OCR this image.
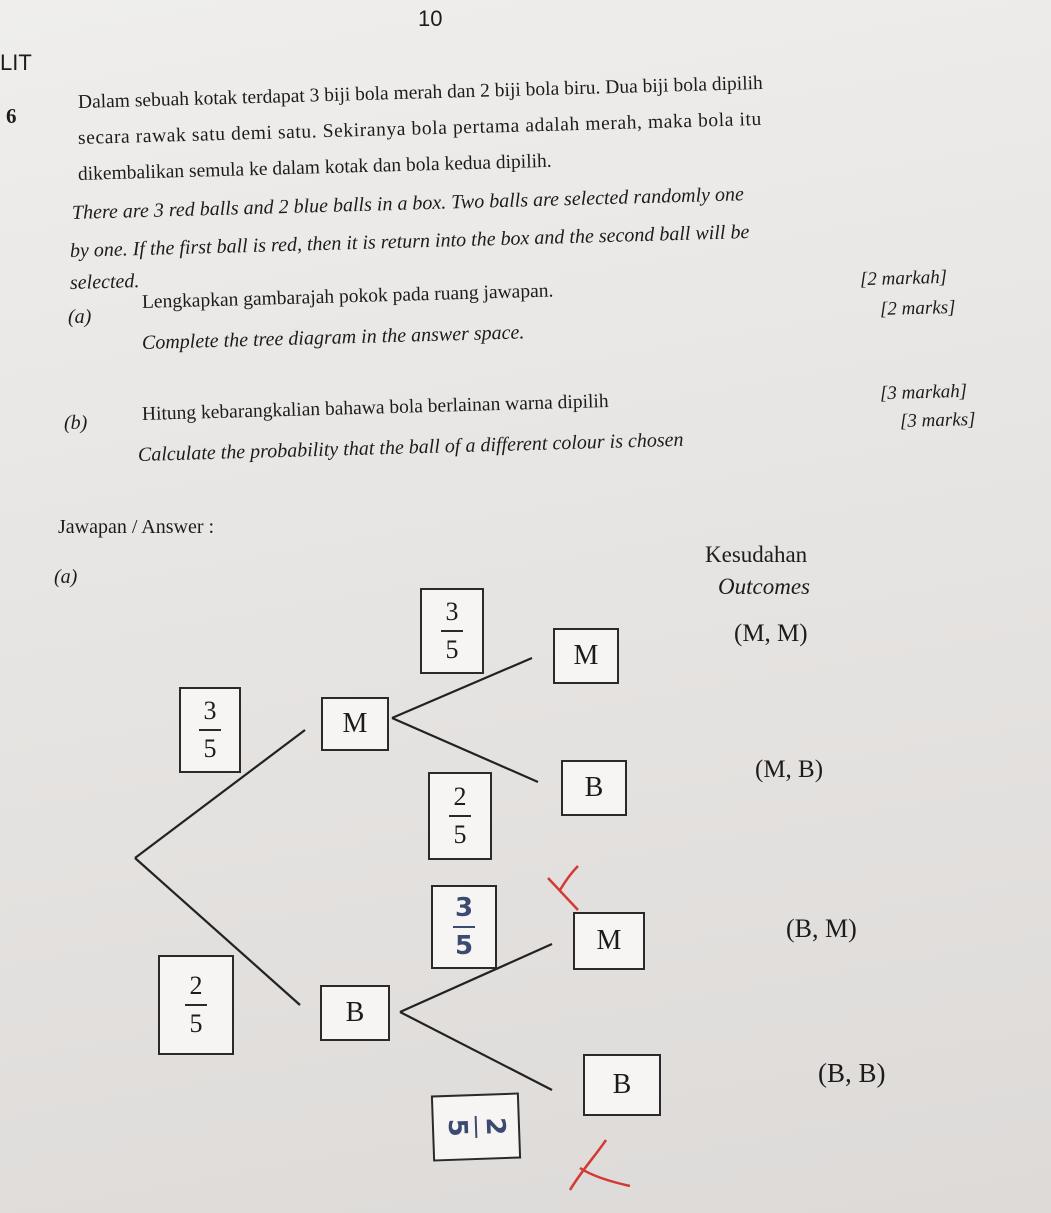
10
LIT
6
Dalam sebuah kotak terdapat 3 biji bola merah dan 2 biji bola biru. Dua biji bola dipilih
secara rawak satu demi satu. Sekiranya bola pertama adalah merah, maka bola itu
dikembalikan semula ke dalam kotak dan bola kedua dipilih.
There are 3 red balls and 2 blue balls in a box. Two balls are selected randomly one
by one. If the first ball is red, then it is return into the box and the second ball will be
selected.
(a)
Lengkapkan gambarajah pokok pada ruang jawapan.
Complete the tree diagram in the answer space.
[2 markah]
[2 marks]
(b)	Hitung kebarangkalian bahawa bola berlainan warna dipilih
Calculate the probability that the ball of a different colour is chosen
[3 markah]
[3 marks]
Jawapan / Answer :
(a)
Kesudahan
Outcomes
3
5
2
5
M
B
3
5
2
5
3
5
2
5
M
B
M
B
(M, M)
(M, B)
(B, M)
(B, B)
